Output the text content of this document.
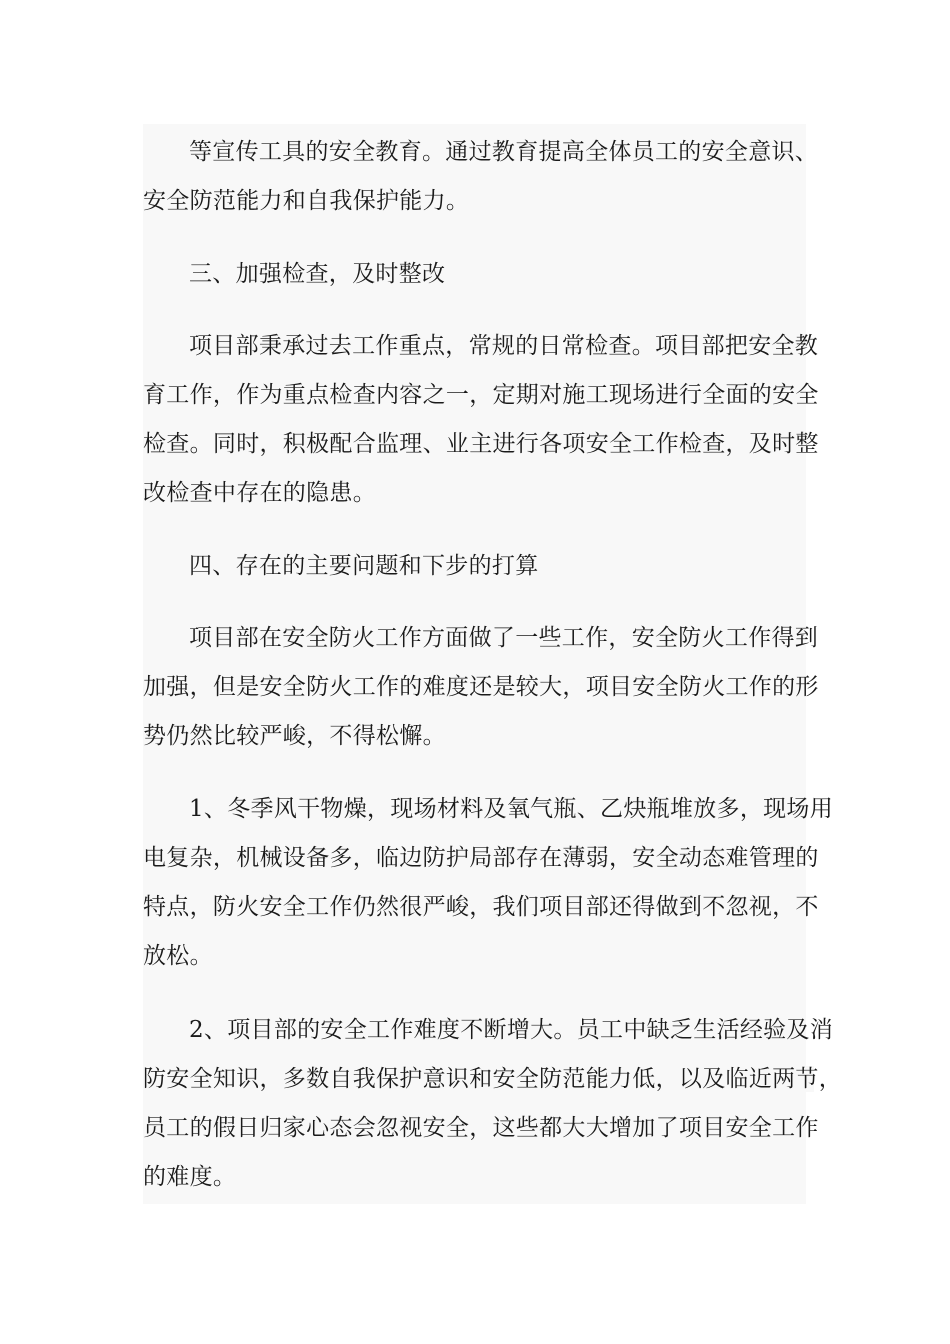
等宣传工具的安全教育。通过教育提高全体员工的安全意识、
安全防范能力和自我保护能力。
三、加强检查，及时整改
项目部秉承过去工作重点，常规的日常检查。项目部把安全教
育工作，作为重点检查内容之一，定期对施工现场进行全面的安全
检查。同时，积极配合监理、业主进行各项安全工作检查，及时整
改检查中存在的隐患。
四、存在的主要问题和下步的打算
项目部在安全防火工作方面做了一些工作，安全防火工作得到
加强，但是安全防火工作的难度还是较大，项目安全防火工作的形
势仍然比较严峻，不得松懈。
1、冬季风干物燥，现场材料及氧气瓶、乙炔瓶堆放多，现场用
电复杂，机械设备多，临边防护局部存在薄弱，安全动态难管理的
特点，防火安全工作仍然很严峻，我们项目部还得做到不忽视，不
放松。
2、项目部的安全工作难度不断增大。员工中缺乏生活经验及消
防安全知识，多数自我保护意识和安全防范能力低，以及临近两节，
员工的假日归家心态会忽视安全，这些都大大增加了项目安全工作
的难度。
